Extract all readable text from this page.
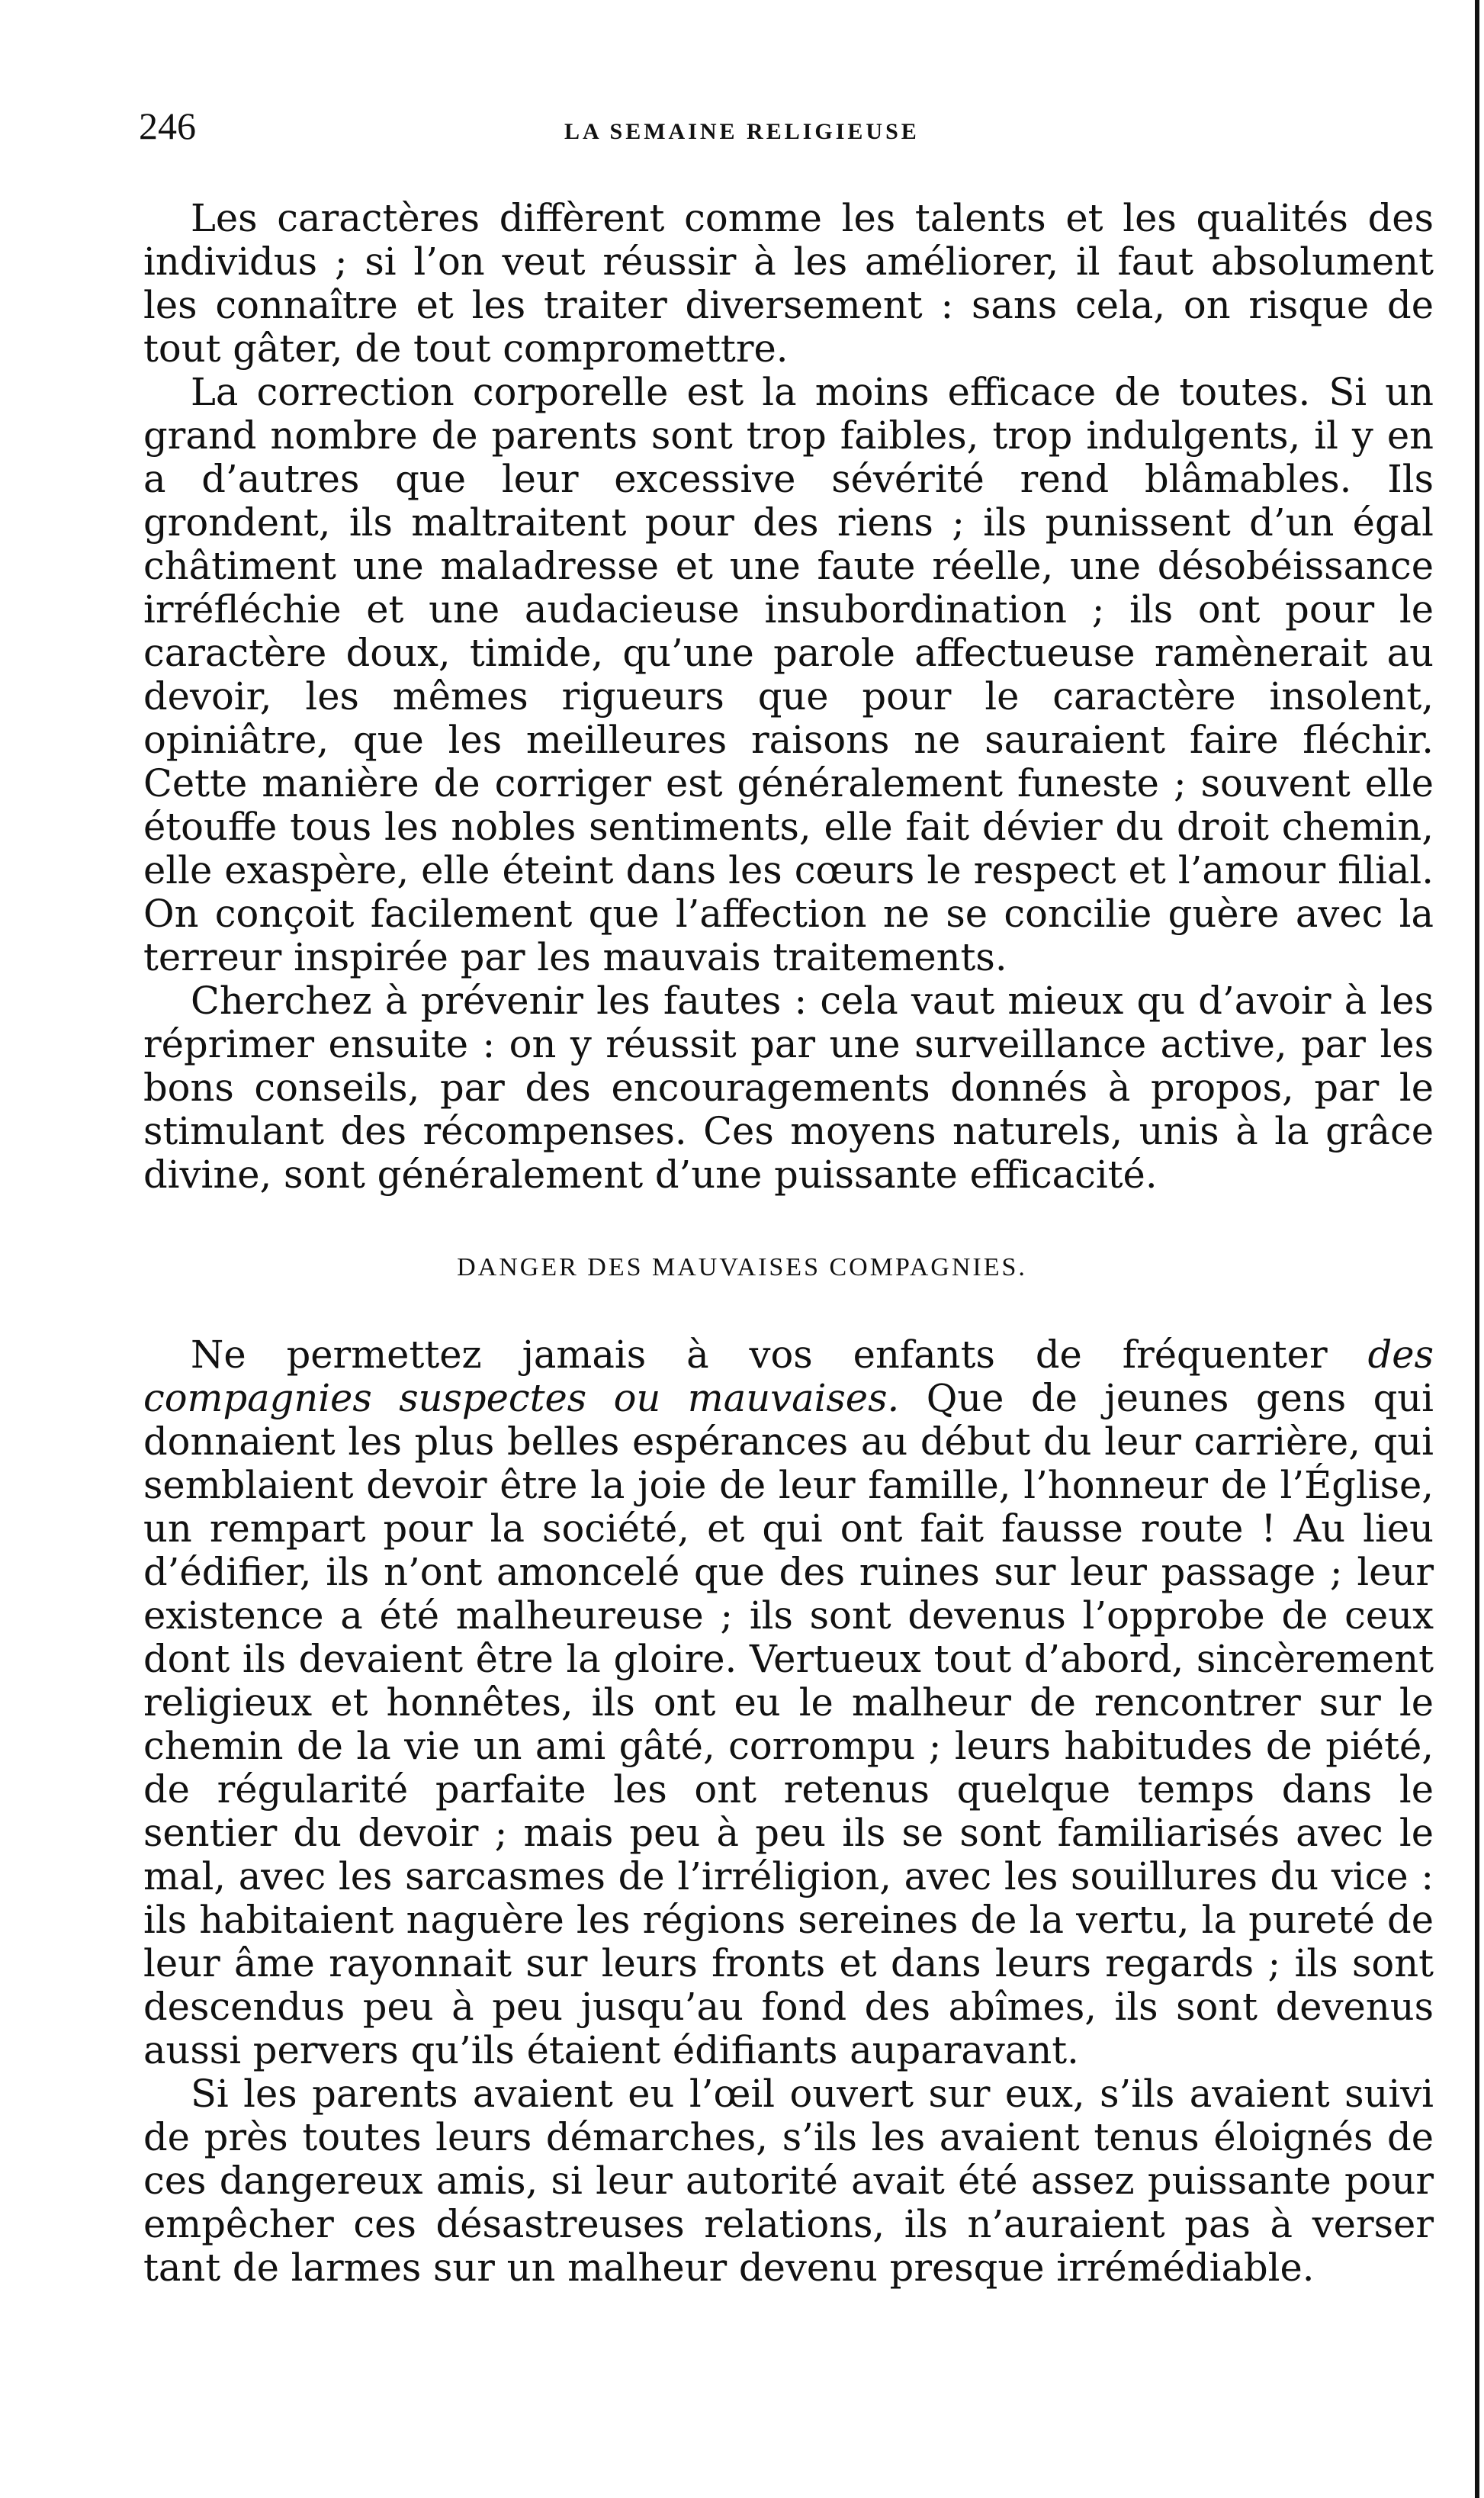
246	LA SEMAINE RELIGIEUSE

Les caractères diffèrent comme les talents et les qualités des individus ; si l’on veut réussir à les améliorer, il faut absolument les connaître et les traiter diversement : sans cela, on risque de tout gâter, de tout compromettre.

La correction corporelle est la moins efficace de toutes. Si un grand nombre de parents sont trop faibles, trop indulgents, il y en a d’autres que leur excessive sévérité rend blâmables. Ils grondent, ils maltraitent pour des riens ; ils punissent d’un égal châtiment une maladresse et une faute réelle, une désobéissance irréfléchie et une audacieuse insubordination ; ils ont pour le caractère doux, timide, qu’une parole affectueuse ramènerait au devoir, les mêmes rigueurs que pour le caractère insolent, opiniâtre, que les meilleures raisons ne sauraient faire fléchir. Cette manière de corriger est généralement funeste ; souvent elle étouffe tous les nobles sentiments, elle fait dévier du droit chemin, elle exaspère, elle éteint dans les cœurs le respect et l’amour filial. On conçoit facilement que l’affection ne se concilie guère avec la terreur inspirée par les mauvais traitements.

Cherchez à prévenir les fautes : cela vaut mieux qu d’avoir à les réprimer ensuite : on y réussit par une surveillance active, par les bons conseils, par des encouragements donnés à propos, par le stimulant des récompenses. Ces moyens naturels, unis à la grâce divine, sont généralement d’une puissante efficacité.

DANGER DES MAUVAISES COMPAGNIES.

Ne permettez jamais à vos enfants de fréquenter des compagnies suspectes ou mauvaises. Que de jeunes gens qui donnaient les plus belles espérances au début du leur carrière, qui semblaient devoir être la joie de leur famille, l’honneur de l’Église, un rempart pour la société, et qui ont fait fausse route ! Au lieu d’édifier, ils n’ont amoncelé que des ruines sur leur passage ; leur existence a été malheureuse ; ils sont devenus l’opprobe de ceux dont ils devaient être la gloire. Vertueux tout d’abord, sincèrement religieux et honnêtes, ils ont eu le malheur de rencontrer sur le chemin de la vie un ami gâté, corrompu ; leurs habitudes de piété, de régularité parfaite les ont retenus quelque temps dans le sentier du devoir ; mais peu à peu ils se sont familiarisés avec le mal, avec les sarcasmes de l’irréligion, avec les souillures du vice : ils habitaient naguère les régions sereines de la vertu, la pureté de leur âme rayonnait sur leurs fronts et dans leurs regards ; ils sont descendus peu à peu jusqu’au fond des abîmes, ils sont devenus aussi pervers qu’ils étaient édifiants auparavant.

Si les parents avaient eu l’œil ouvert sur eux, s’ils avaient suivi de près toutes leurs démarches, s’ils les avaient tenus éloignés de ces dangereux amis, si leur autorité avait été assez puissante pour empêcher ces désastreuses relations, ils n’auraient pas à verser tant de larmes sur un malheur devenu presque irrémédiable.
